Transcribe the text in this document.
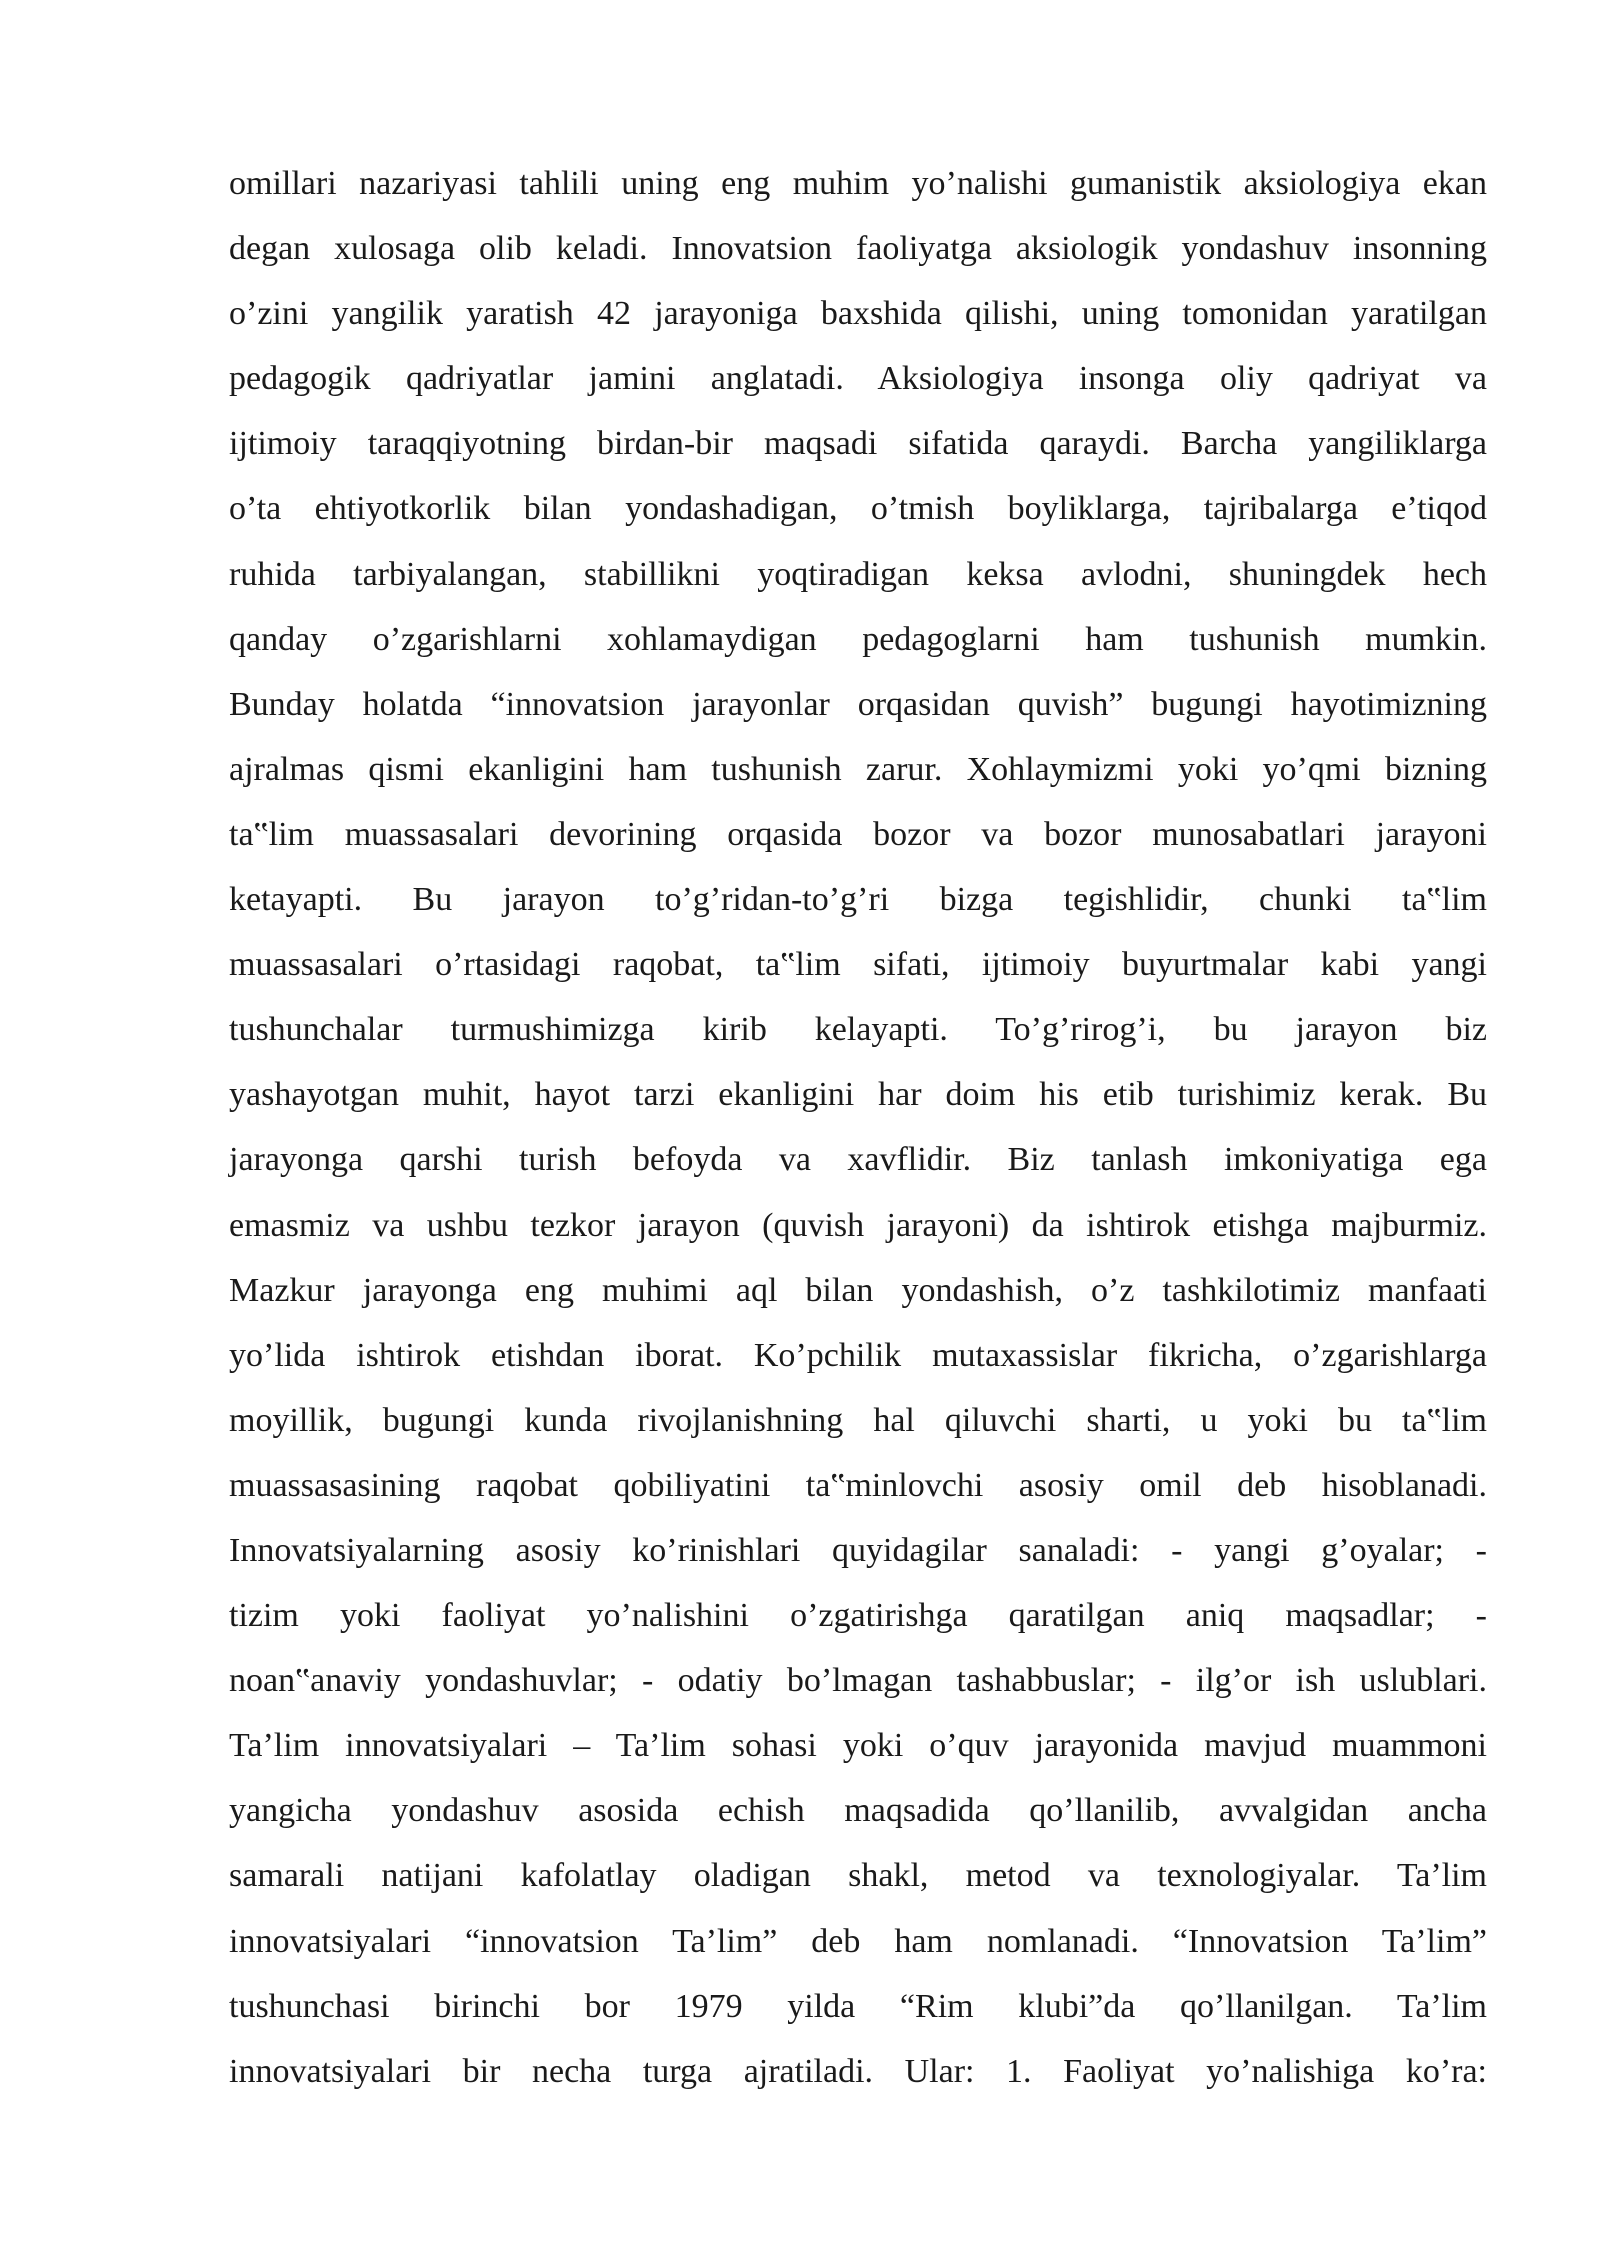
omillari nazariyasi tahlili uning eng muhim yo’nalishi gumanistik aksiologiya ekan
degan xulosaga olib keladi. Innovatsion faoliyatga aksiologik yondashuv insonning
o’zini yangilik yaratish 42 jarayoniga baxshida qilishi, uning tomonidan yaratilgan
pedagogik qadriyatlar jamini anglatadi. Aksiologiya insonga oliy qadriyat va
ijtimoiy taraqqiyotning birdan-bir maqsadi sifatida qaraydi. Barcha yangiliklarga
o’ta ehtiyotkorlik bilan yondashadigan, o’tmish boyliklarga, tajribalarga e’tiqod
ruhida tarbiyalangan, stabillikni yoqtiradigan keksa avlodni, shuningdek hech
qanday o’zgarishlarni xohlamaydigan pedagoglarni ham tushunish mumkin.
Bunday holatda “innovatsion jarayonlar orqasidan quvish” bugungi hayotimizning
ajralmas qismi ekanligini ham tushunish zarur. Xohlaymizmi yoki yo’qmi bizning
ta‟lim muassasalari devorining orqasida bozor va bozor munosabatlari jarayoni
ketayapti. Bu jarayon to’g’ridan-to’g’ri bizga tegishlidir, chunki ta‟lim
muassasalari o’rtasidagi raqobat, ta‟lim sifati, ijtimoiy buyurtmalar kabi yangi
tushunchalar turmushimizga kirib kelayapti. To’g’rirog’i, bu jarayon biz
yashayotgan muhit, hayot tarzi ekanligini har doim his etib turishimiz kerak. Bu
jarayonga qarshi turish befoyda va xavflidir. Biz tanlash imkoniyatiga ega
emasmiz va ushbu tezkor jarayon (quvish jarayoni) da ishtirok etishga majburmiz.
Mazkur jarayonga eng muhimi aql bilan yondashish, o’z tashkilotimiz manfaati
yo’lida ishtirok etishdan iborat. Ko’pchilik mutaxassislar fikricha, o’zgarishlarga
moyillik, bugungi kunda rivojlanishning hal qiluvchi sharti, u yoki bu ta‟lim
muassasasining raqobat qobiliyatini ta‟minlovchi asosiy omil deb hisoblanadi.
Innovatsiyalarning asosiy ko’rinishlari quyidagilar sanaladi: - yangi g’oyalar; -
tizim yoki faoliyat yo’nalishini o’zgatirishga qaratilgan aniq maqsadlar; -
noan‟anaviy yondashuvlar; - odatiy bo’lmagan tashabbuslar; - ilg’or ish uslublari.
Ta’lim innovatsiyalari – Ta’lim sohasi yoki o’quv jarayonida mavjud muammoni
yangicha yondashuv asosida echish maqsadida qo’llanilib, avvalgidan ancha
samarali natijani kafolatlay oladigan shakl, metod va texnologiyalar. Ta’lim
innovatsiyalari “innovatsion Ta’lim” deb ham nomlanadi. “Innovatsion Ta’lim”
tushunchasi birinchi bor 1979 yilda “Rim klubi”da qo’llanilgan. Ta’lim
innovatsiyalari bir necha turga ajratiladi. Ular: 1. Faoliyat yo’nalishiga ko’ra:
